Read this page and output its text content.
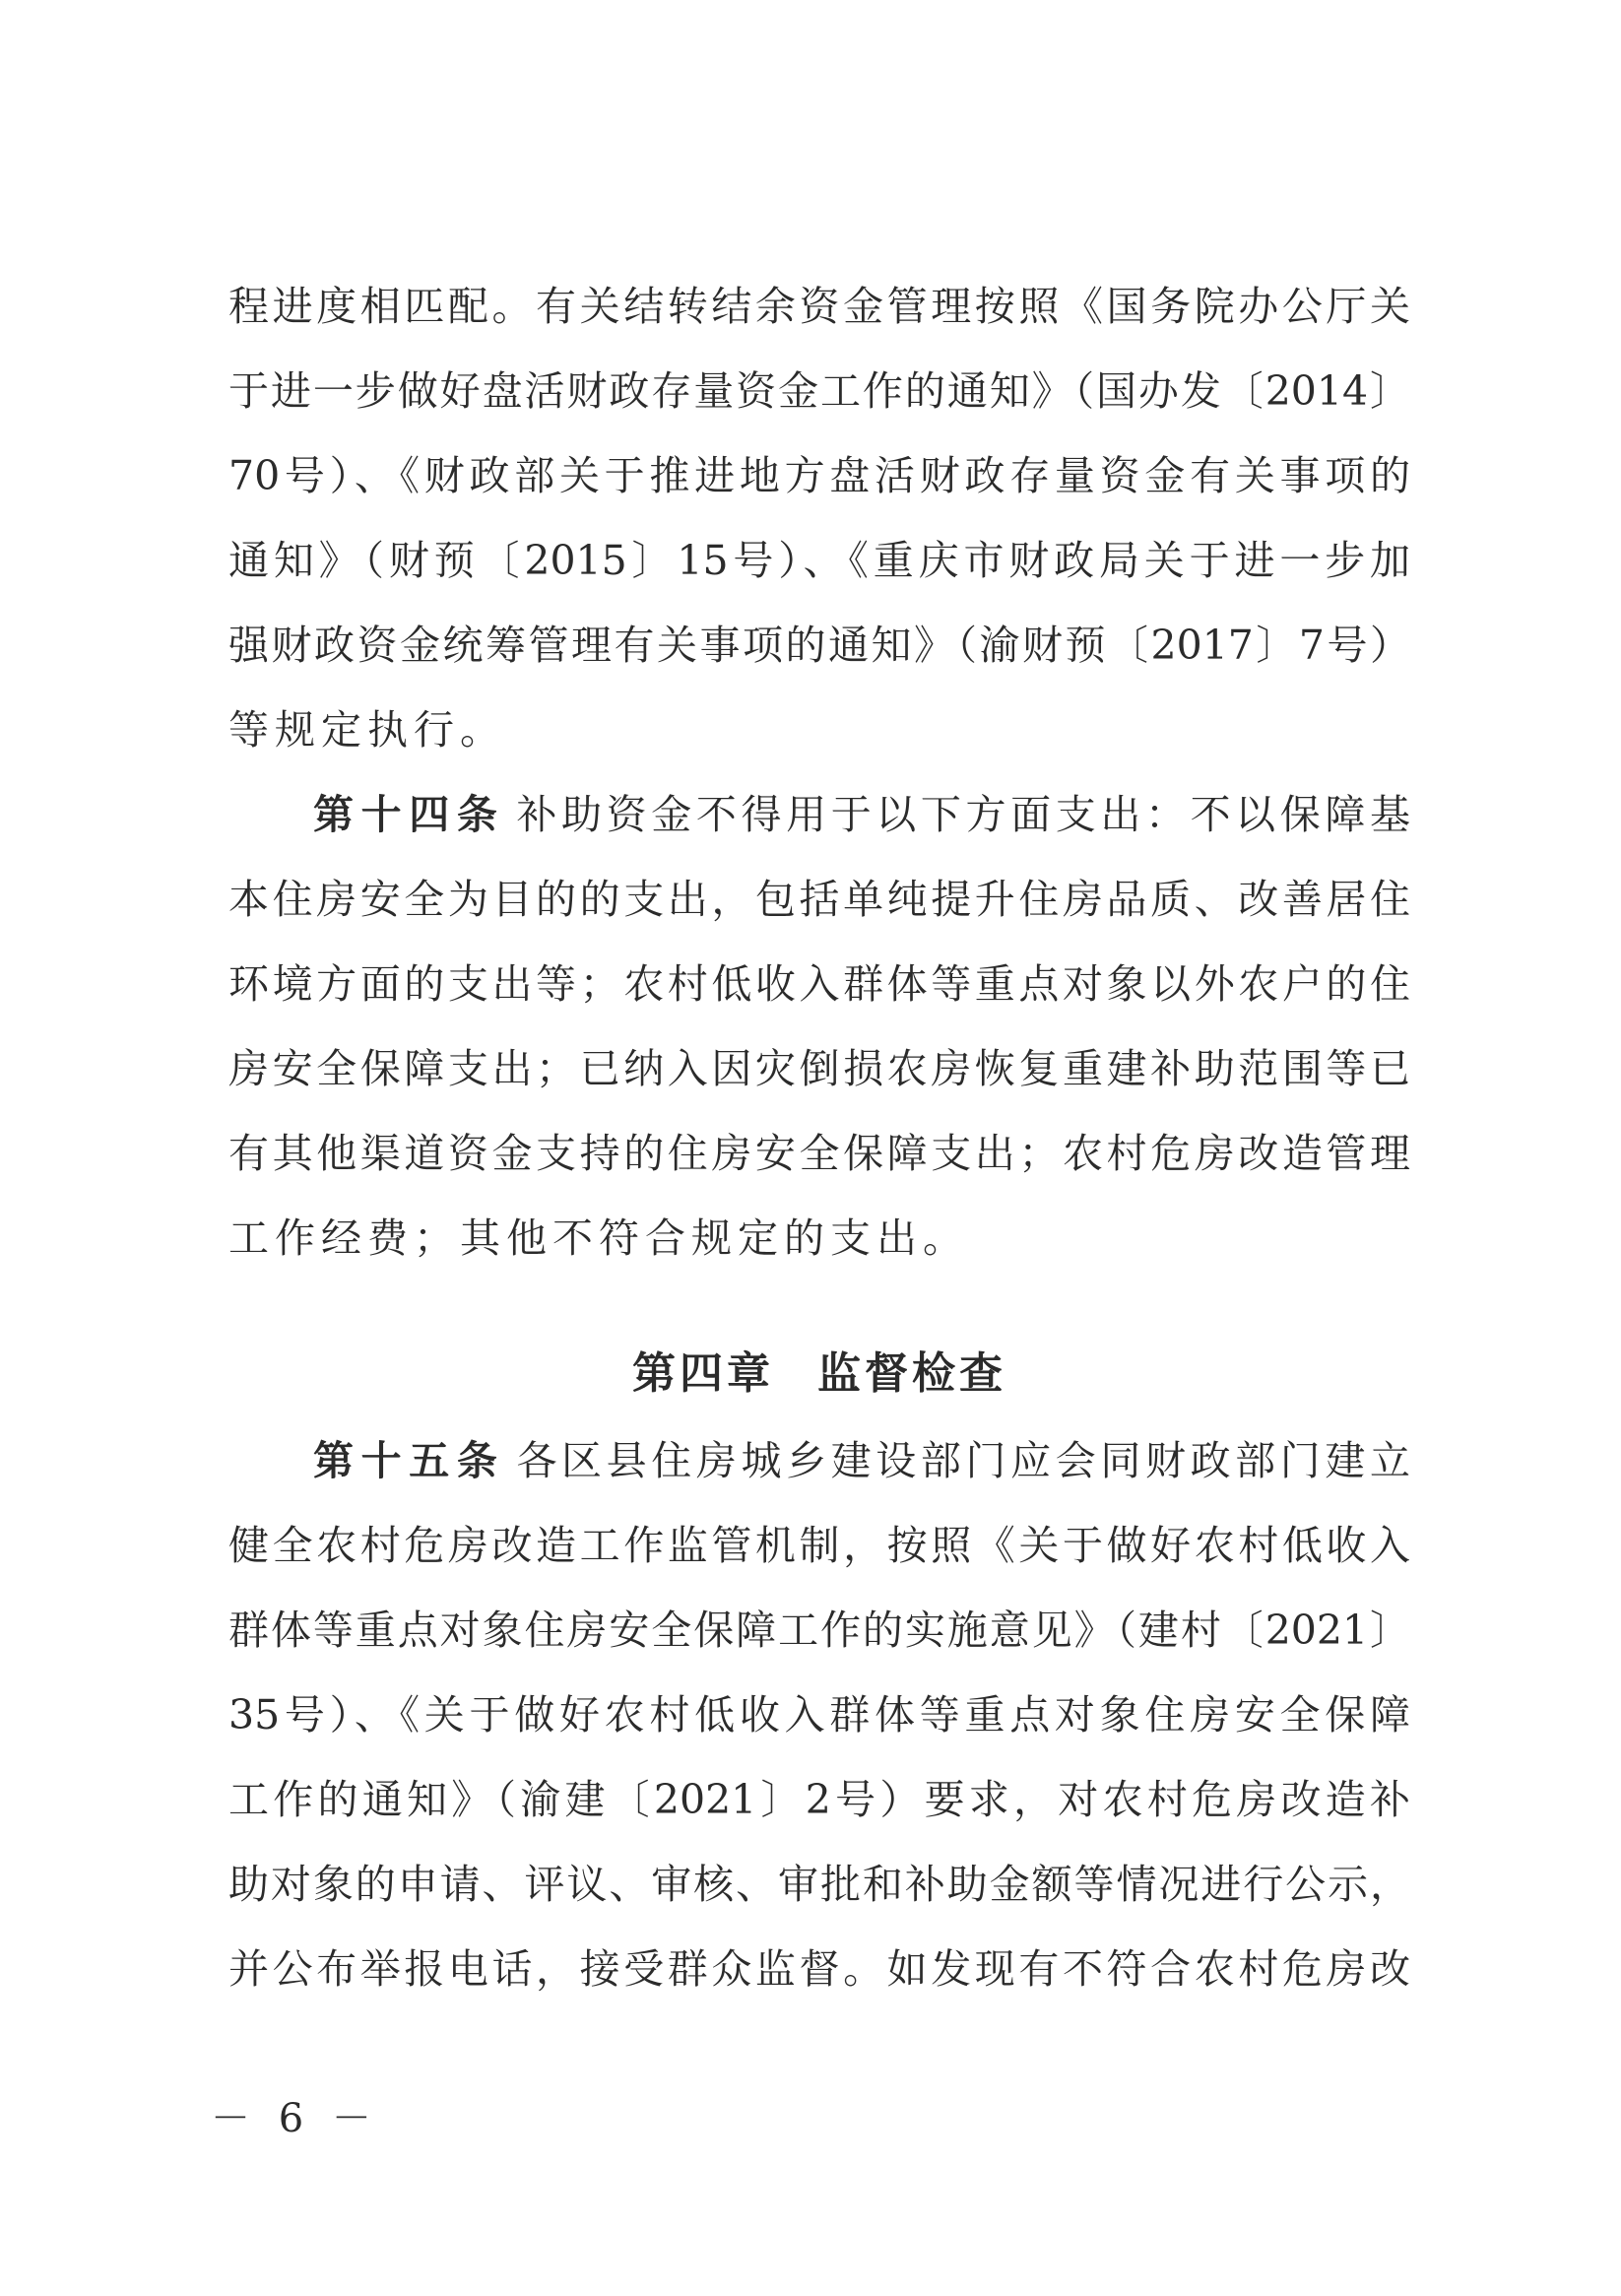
程进度相匹配。有关结转结余资金管理按照《国务院办公厅关
于进一步做好盘活财政存量资金工作的通知》（国办发〔2014〕
70号）、《财政部关于推进地方盘活财政存量资金有关事项的
通知》（财预〔2015〕15号）、《重庆市财政局关于进一步加
强财政资金统筹管理有关事项的通知》（渝财预〔2017〕7号）
等规定执行。
第十四条 补助资金不得用于以下方面支出：不以保障基
本住房安全为目的的支出，包括单纯提升住房品质、改善居住
环境方面的支出等；农村低收入群体等重点对象以外农户的住
房安全保障支出；已纳入因灾倒损农房恢复重建补助范围等已
有其他渠道资金支持的住房安全保障支出；农村危房改造管理
工作经费；其他不符合规定的支出。
第四章 监督检查
第十五条 各区县住房城乡建设部门应会同财政部门建立
健全农村危房改造工作监管机制，按照《关于做好农村低收入
群体等重点对象住房安全保障工作的实施意见》（建村〔2021〕
35号）、《关于做好农村低收入群体等重点对象住房安全保障
工作的通知》（渝建〔2021〕2号）要求，对农村危房改造补
助对象的申请、评议、审核、审批和补助金额等情况进行公示，
并公布举报电话，接受群众监督。如发现有不符合农村危房改
－ 6 －
